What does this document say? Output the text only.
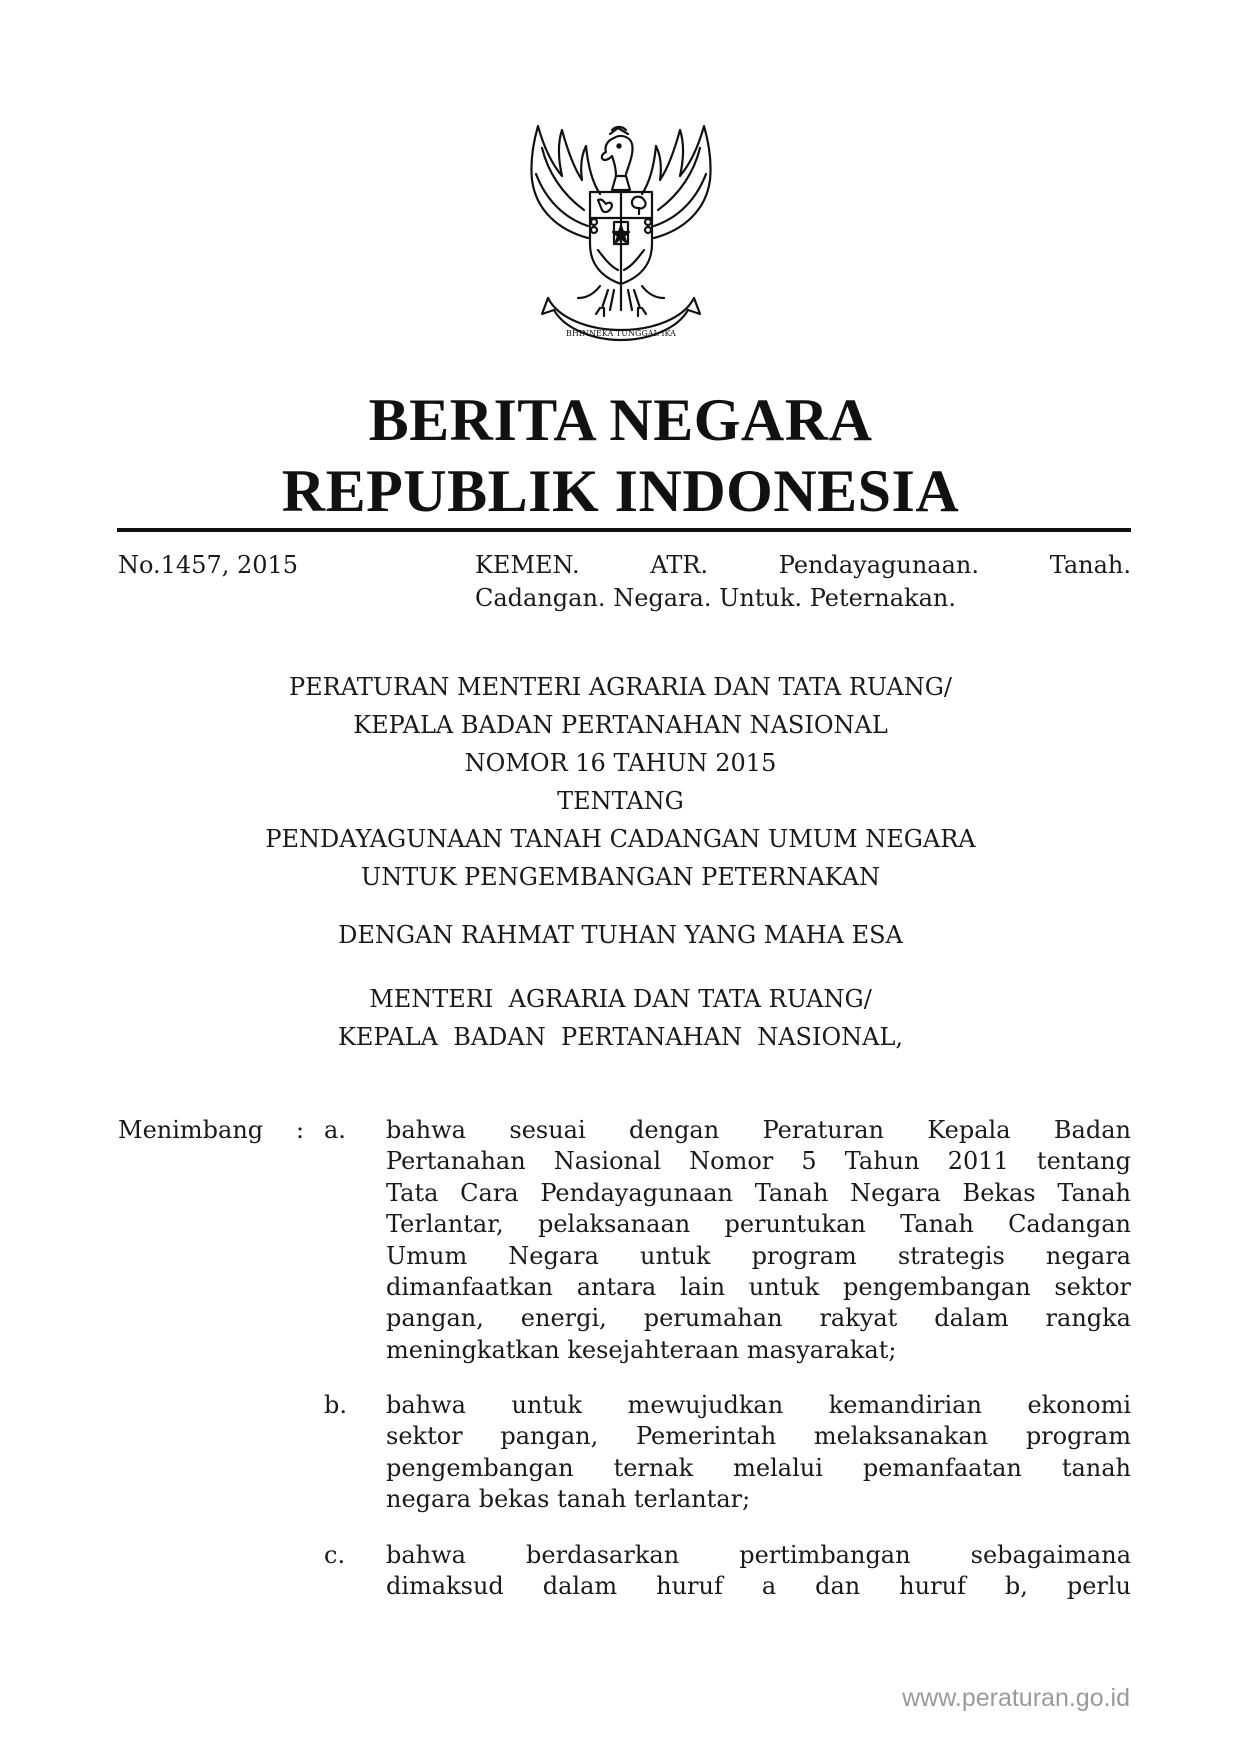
BHINNEKA TUNGGAL IKA
BERITA NEGARA
REPUBLIK INDONESIA
No.1457, 2015	KEMEN. ATR. Pendayagunaan. Tanah.
Cadangan. Negara. Untuk. Peternakan.
PERATURAN MENTERI AGRARIA DAN TATA RUANG/
KEPALA BADAN PERTANAHAN NASIONAL
NOMOR 16 TAHUN 2015
TENTANG
PENDAYAGUNAAN TANAH CADANGAN UMUM NEGARA
UNTUK PENGEMBANGAN PETERNAKAN
DENGAN RAHMAT TUHAN YANG MAHA ESA
MENTERI  AGRARIA DAN TATA RUANG/
KEPALA  BADAN  PERTANAHAN  NASIONAL,
Menimbang : a. bahwa sesuai dengan Peraturan Kepala Badan
Pertanahan Nasional Nomor 5 Tahun 2011 tentang
Tata Cara Pendayagunaan Tanah Negara Bekas Tanah
Terlantar, pelaksanaan peruntukan Tanah Cadangan
Umum Negara untuk program strategis negara
dimanfaatkan antara lain untuk pengembangan sektor
pangan, energi, perumahan rakyat dalam rangka
meningkatkan kesejahteraan masyarakat;
b. bahwa untuk mewujudkan kemandirian ekonomi
sektor pangan, Pemerintah melaksanakan program
pengembangan ternak melalui pemanfaatan tanah
negara bekas tanah terlantar;
c. bahwa berdasarkan pertimbangan sebagaimana
dimaksud dalam huruf a dan huruf b, perlu
www.peraturan.go.id
